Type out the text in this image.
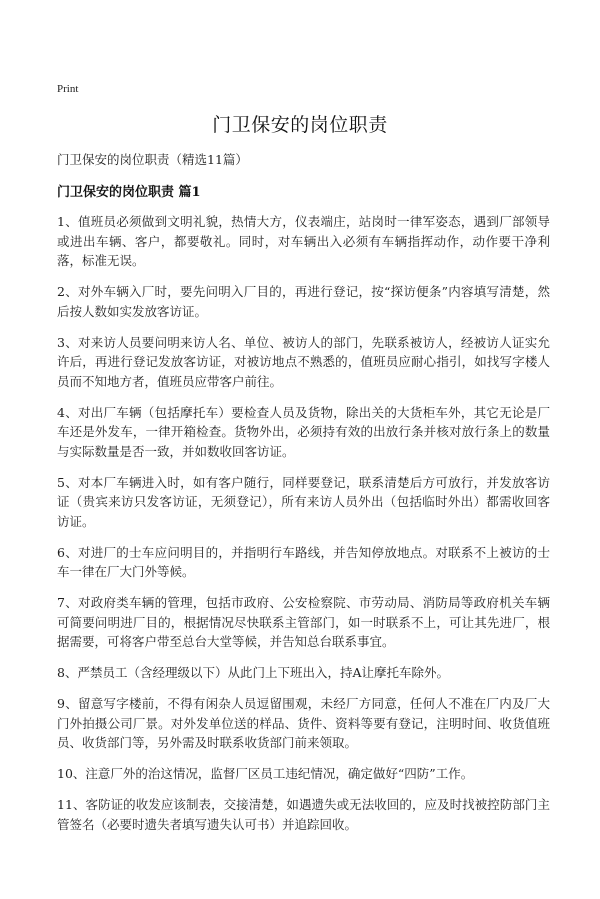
Print
门卫保安的岗位职责
门卫保安的岗位职责（精选11篇）
门卫保安的岗位职责 篇1

1、值班员必须做到文明礼貌，热情大方，仪表端庄，站岗时一律军姿态，遇到厂部领导或进出车辆、客户，都要敬礼。同时，对车辆出入必须有车辆指挥动作，动作要干净利落，标准无误。

2、对外车辆入厂时，要先问明入厂目的，再进行登记，按“探访便条”内容填写清楚，然后按人数如实发放客访证。

3、对来访人员要问明来访人名、单位、被访人的部门，先联系被访人，经被访人证实允许后，再进行登记发放客访证，对被访地点不熟悉的，值班员应耐心指引，如找写字楼人员而不知地方者，值班员应带客户前往。

4、对出厂车辆（包括摩托车）要检查人员及货物，除出关的大货柜车外，其它无论是厂车还是外发车，一律开箱检查。货物外出，必须持有效的出放行条并核对放行条上的数量与实际数量是否一致，并如数收回客访证。

5、对本厂车辆进入时，如有客户随行，同样要登记，联系清楚后方可放行，并发放客访证（贵宾来访只发客访证，无须登记），所有来访人员外出（包括临时外出）都需收回客访证。

6、对进厂的士车应问明目的，并指明行车路线，并告知停放地点。对联系不上被访的士车一律在厂大门外等候。

7、对政府类车辆的管理，包括市政府、公安检察院、市劳动局、消防局等政府机关车辆可简要问明进厂目的，根据情况尽快联系主管部门，如一时联系不上，可让其先进厂，根据需要，可将客户带至总台大堂等候，并告知总台联系事宜。

8、严禁员工（含经理级以下）从此门上下班出入，持A让摩托车除外。

9、留意写字楼前，不得有闲杂人员逗留围观，未经厂方同意，任何人不准在厂内及厂大门外拍摄公司厂景。对外发单位送的样品、货件、资料等要有登记，注明时间、收货值班员、收货部门等，另外需及时联系收货部门前来领取。

10、注意厂外的治这情况，监督厂区员工违纪情况，确定做好“四防”工作。

11、客防证的收发应该制表，交接清楚，如遇遗失或无法收回的，应及时找被控防部门主管签名（必要时遗失者填写遗失认可书）并追踪回收。
